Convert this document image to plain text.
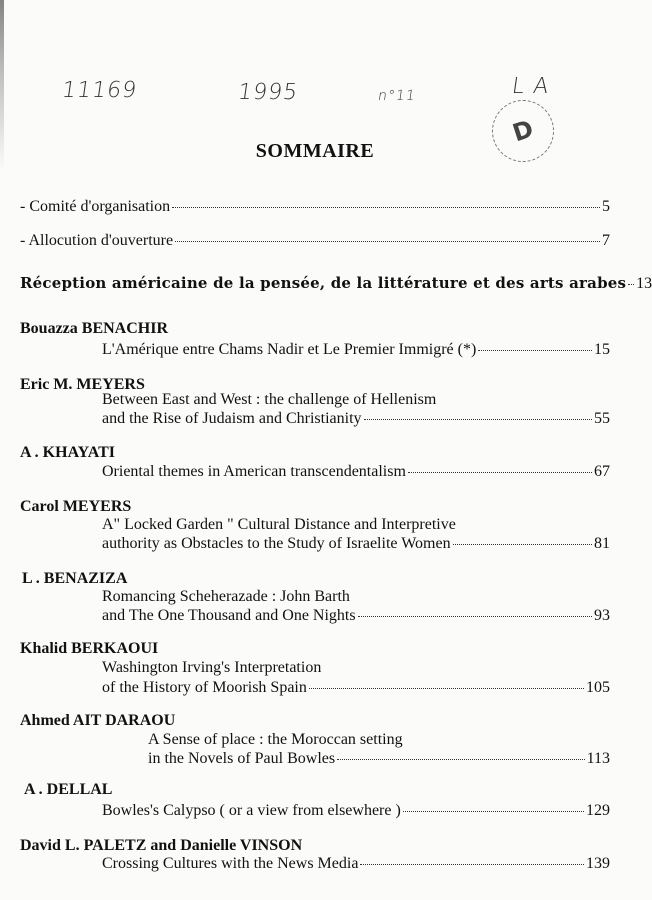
11169	1995	n°11	L A
D
SOMMAIRE
- Comité d'organisation	5
- Allocution d'ouverture	7
Réception américaine de la pensée, de la littérature et des arts arabes 13
Bouazza BENACHIR
L'Amérique entre Chams Nadir et Le Premier Immigré (*)	15
Eric M. MEYERS
Between East and West : the challenge of Hellenism
and the Rise of Judaism and Christianity	55
A . KHAYATI
Oriental themes in American transcendentalism	67
Carol MEYERS
A" Locked Garden " Cultural Distance and Interpretive
authority as Obstacles to the Study of Israelite Women	81
L . BENAZIZA
Romancing Scheherazade : John Barth
and The One Thousand and One Nights	93
Khalid BERKAOUI
Washington Irving's Interpretation
of the History of Moorish Spain	105
Ahmed AIT DARAOU
A Sense of place : the Moroccan setting
in the Novels of Paul Bowles	113
A . DELLAL
Bowles's Calypso ( or a view from elsewhere )	129
David L. PALETZ and Danielle VINSON
Crossing Cultures with the News Media	139
